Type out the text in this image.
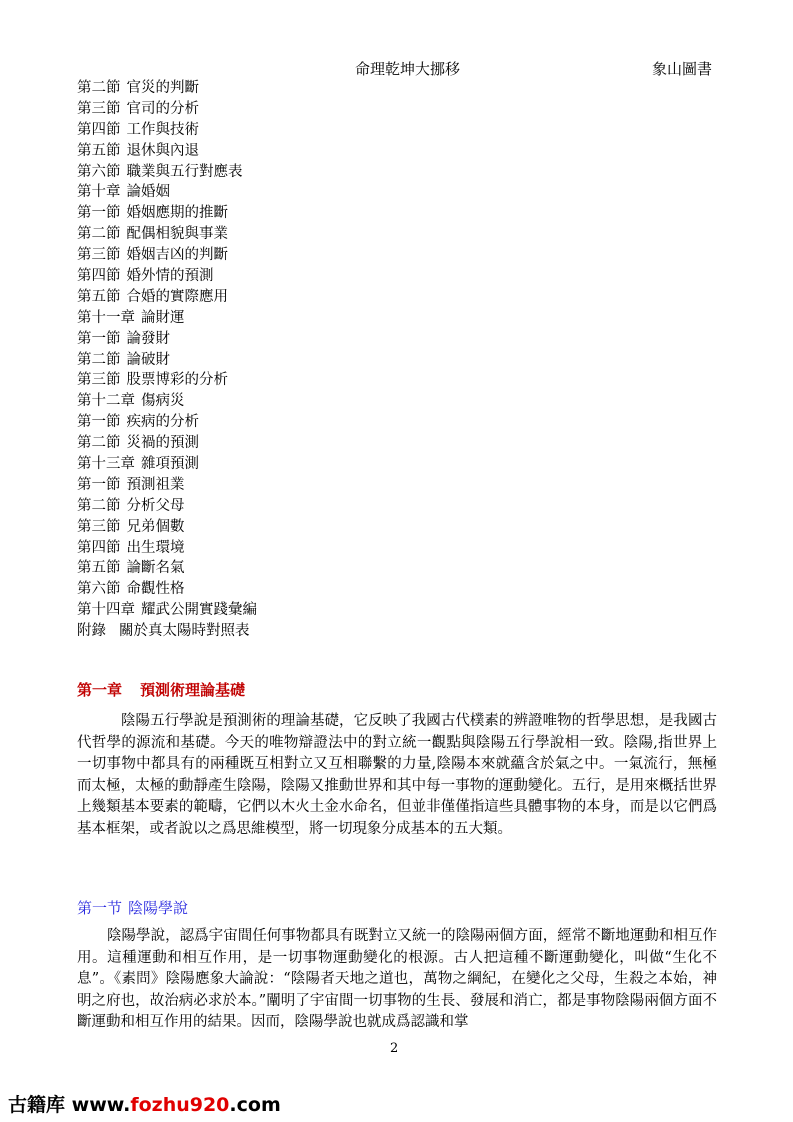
命理乾坤大挪移	象山圖書
第二節 官災的判斷
第三節 官司的分析
第四節 工作與技術
第五節 退休與內退
第六節 職業與五行對應表
第十章 論婚姻
第一節 婚姻應期的推斷
第二節 配偶相貌與事業
第三節 婚姻吉凶的判斷
第四節 婚外情的預測
第五節 合婚的實際應用
第十一章 論財運
第一節 論發財
第二節 論破財
第三節 股票博彩的分析
第十二章 傷病災
第一節 疾病的分析
第二節 災禍的預測
第十三章 雜項預測
第一節 預測祖業
第二節 分析父母
第三節 兄弟個數
第四節 出生環境
第五節 論斷名氣
第六節 命觀性格
第十四章 耀武公開實踐彙編
附錄 關於真太陽時對照表
第一章 預測術理論基礎

陰陽五行學說是預測術的理論基礎，它反映了我國古代樸素的辨證唯物的哲學思想，是我國古代哲學的源流和基礎。今天的唯物辯證法中的對立統一觀點與陰陽五行學說相一致。陰陽,指世界上一切事物中都具有的兩種既互相對立又互相聯繫的力量,陰陽本來就蘊含於氣之中。一氣流行，無極而太極，太極的動靜產生陰陽，陰陽又推動世界和其中每一事物的運動變化。五行，是用來概括世界上幾類基本要素的範疇，它們以木火土金水命名，但並非僅僅指這些具體事物的本身，而是以它們爲基本框架，或者說以之爲思維模型，將一切現象分成基本的五大類。

第一节 陰陽學說

陰陽學說，認爲宇宙間任何事物都具有既對立又統一的陰陽兩個方面，經常不斷地運動和相互作用。這種運動和相互作用，是一切事物運動變化的根源。古人把這種不斷運動變化，叫做“生化不息”。《素問》陰陽應象大論說：“陰陽者天地之道也，萬物之綱紀，在變化之父母，生殺之本始，神明之府也，故治病必求於本。”闡明了宇宙間一切事物的生長、發展和消亡，都是事物陰陽兩個方面不斷運動和相互作用的結果。因而，陰陽學說也就成爲認識和掌

2
古籍库 www.fozhu920.com
